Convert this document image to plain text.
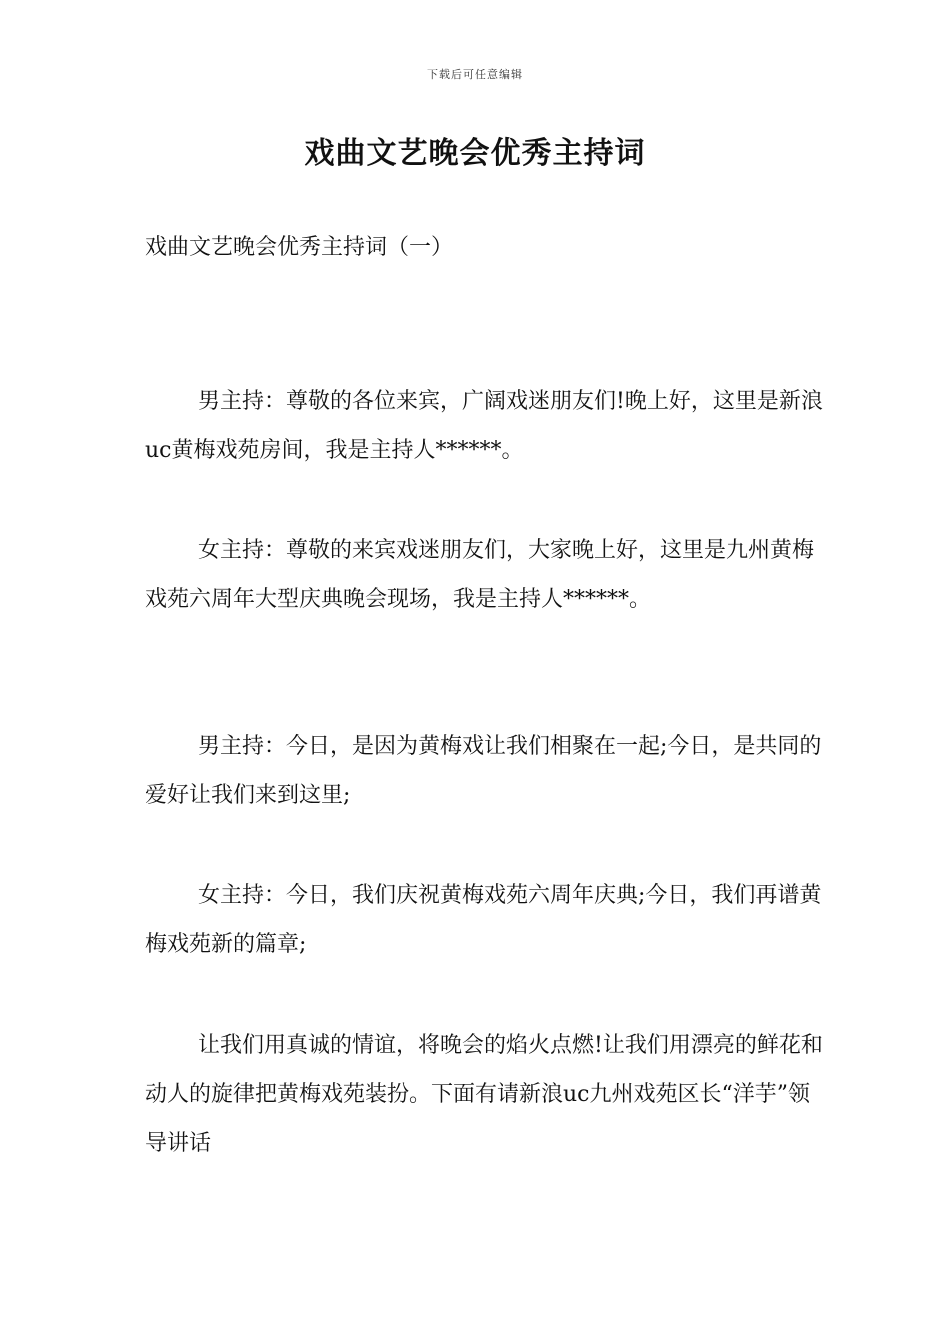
下载后可任意编辑
戏曲文艺晚会优秀主持词

戏曲文艺晚会优秀主持词（一）

男主持：尊敬的各位来宾，广阔戏迷朋友们!晚上好，这里是新浪uc黄梅戏苑房间，我是主持人******。

女主持：尊敬的来宾戏迷朋友们，大家晚上好，这里是九州黄梅戏苑六周年大型庆典晚会现场，我是主持人******。

男主持：今日，是因为黄梅戏让我们相聚在一起;今日，是共同的爱好让我们来到这里;

女主持：今日，我们庆祝黄梅戏苑六周年庆典;今日，我们再谱黄梅戏苑新的篇章;

让我们用真诚的情谊，将晚会的焰火点燃!让我们用漂亮的鲜花和动人的旋律把黄梅戏苑装扮。下面有请新浪uc九州戏苑区长“洋芋”领导讲话
